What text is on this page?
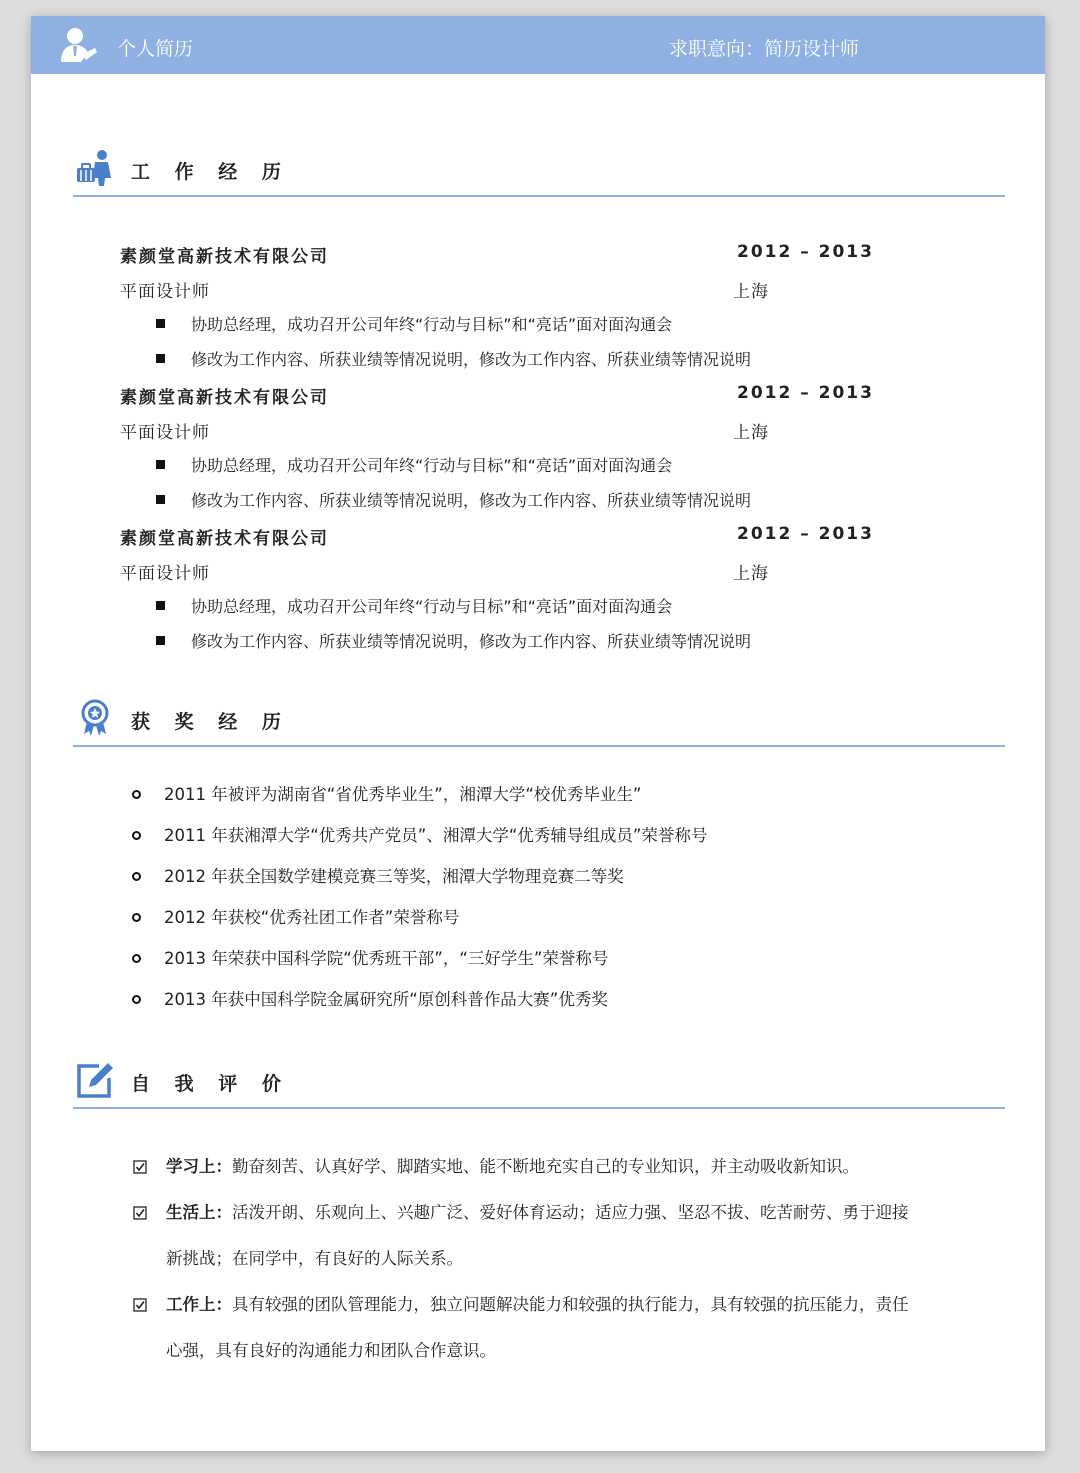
个人简历	求职意向：简历设计师
工 作 经 历
素颜堂高新技术有限公司	2012 – 2013
平面设计师	上海
协助总经理，成功召开公司年终“行动与目标”和“亮话”面对面沟通会
修改为工作内容、所获业绩等情况说明，修改为工作内容、所获业绩等情况说明
素颜堂高新技术有限公司	2012 – 2013
平面设计师	上海
协助总经理，成功召开公司年终“行动与目标”和“亮话”面对面沟通会
修改为工作内容、所获业绩等情况说明，修改为工作内容、所获业绩等情况说明
素颜堂高新技术有限公司	2012 – 2013
平面设计师	上海
协助总经理，成功召开公司年终“行动与目标”和“亮话”面对面沟通会
修改为工作内容、所获业绩等情况说明，修改为工作内容、所获业绩等情况说明
获 奖 经 历
2011 年被评为湖南省“省优秀毕业生”，湘潭大学“校优秀毕业生”
2011 年获湘潭大学“优秀共产党员”、湘潭大学“优秀辅导组成员”荣誉称号
2012 年获全国数学建模竞赛三等奖，湘潭大学物理竞赛二等奖
2012 年获校“优秀社团工作者”荣誉称号
2013 年荣获中国科学院“优秀班干部”，“三好学生”荣誉称号
2013 年获中国科学院金属研究所“原创科普作品大赛”优秀奖
自 我 评 价
学习上：勤奋刻苦、认真好学、脚踏实地、能不断地充实自己的专业知识，并主动吸收新知识。
生活上：活泼开朗、乐观向上、兴趣广泛、爱好体育运动；适应力强、坚忍不拔、吃苦耐劳、勇于迎接
新挑战；在同学中，有良好的人际关系。
工作上：具有较强的团队管理能力，独立问题解决能力和较强的执行能力，具有较强的抗压能力，责任
心强，具有良好的沟通能力和团队合作意识。
